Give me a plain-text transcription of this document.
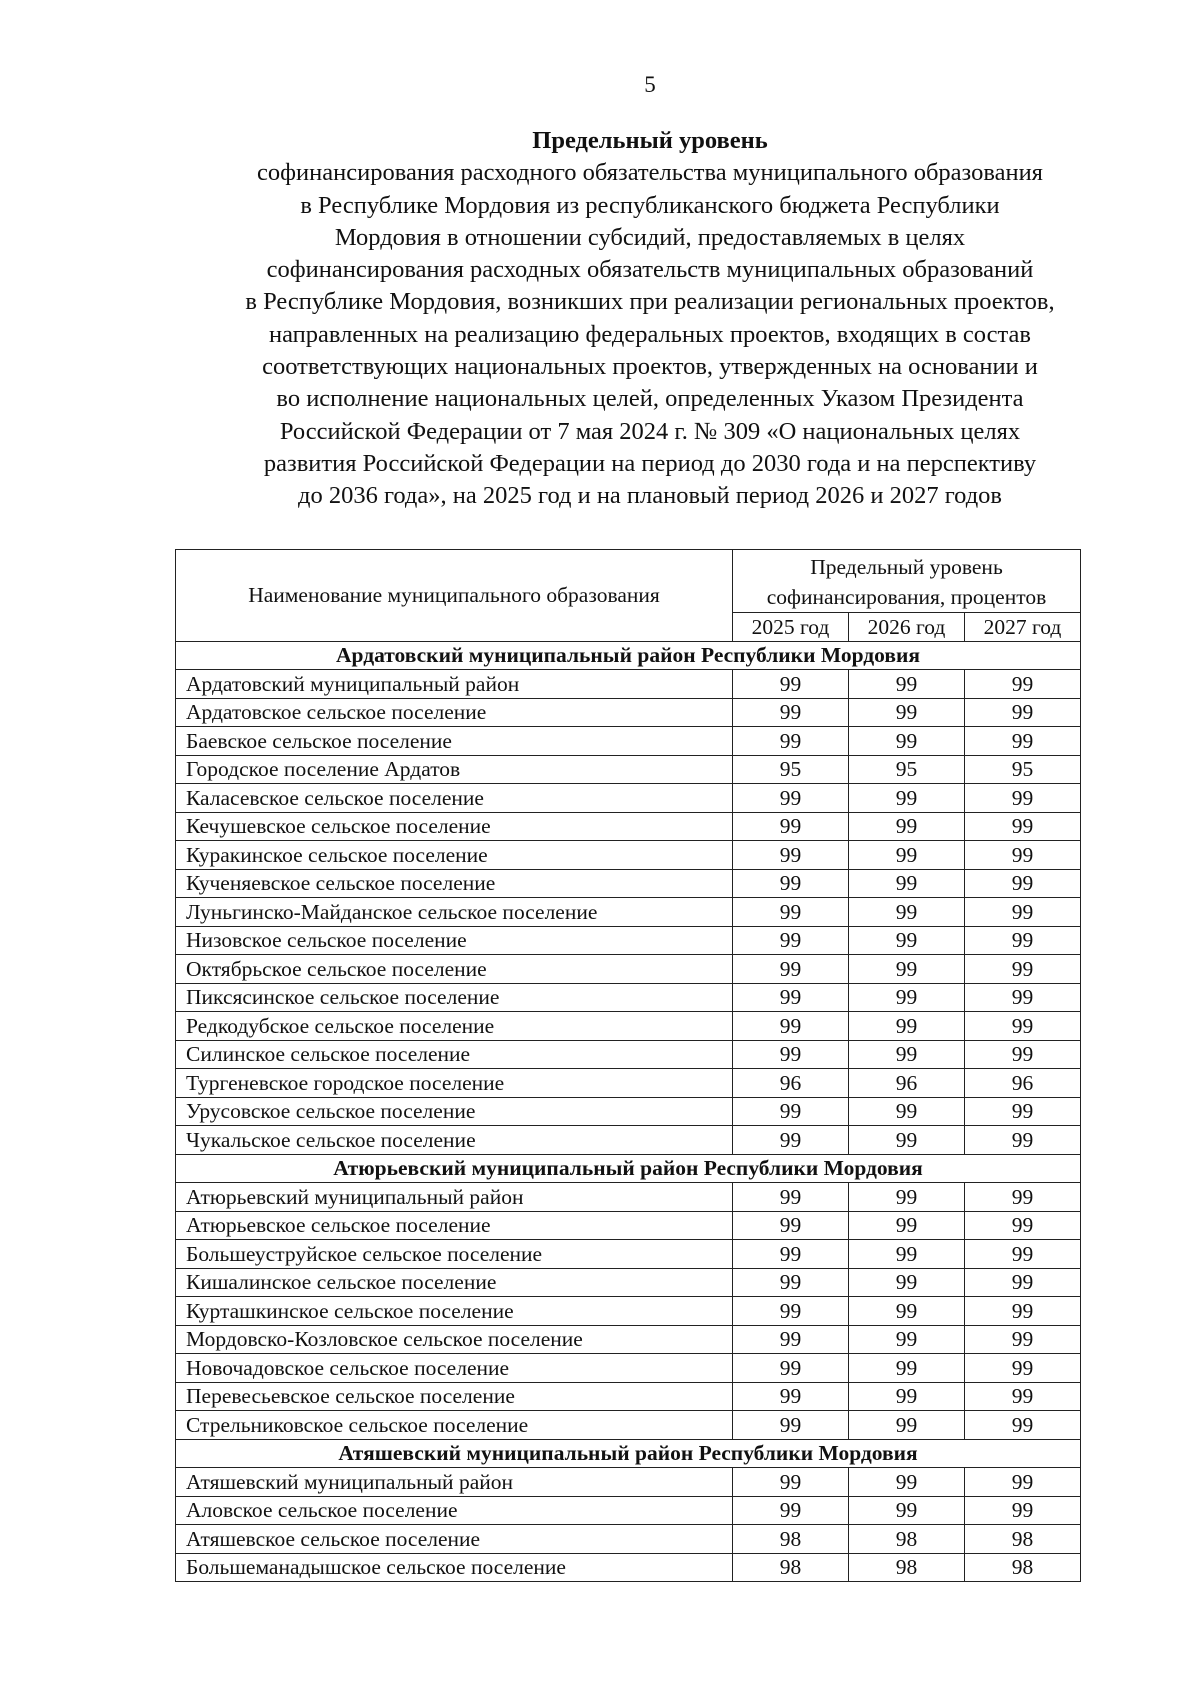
5
Предельный уровень
софинансирования расходного обязательства муниципального образования
в Республике Мордовия из республиканского бюджета Республики
Мордовия в отношении субсидий, предоставляемых в целях
софинансирования расходных обязательств муниципальных образований
в Республике Мордовия, возникших при реализации региональных проектов,
направленных на реализацию федеральных проектов, входящих в состав
соответствующих национальных проектов, утвержденных на основании и
во исполнение национальных целей, определенных Указом Президента
Российской Федерации от 7 мая 2024 г. № 309 «О национальных целях
развития Российской Федерации на период до 2030 года и на перспективу
до 2036 года», на 2025 год и на плановый период 2026 и 2027 годов
Наименование муниципального образования	Предельный уровень софинансирования, процентов		
	2025 год	2026 год	2027 год
Ардатовский муниципальный район Республики Мордовия			
Ардатовский муниципальный район	99	99	99
Ардатовское сельское поселение	99	99	99
Баевское сельское поселение	99	99	99
Городское поселение Ардатов	95	95	95
Каласевское сельское поселение	99	99	99
Кечушевское сельское поселение	99	99	99
Куракинское сельское поселение	99	99	99
Кученяевское сельское поселение	99	99	99
Луньгинско-Майданское сельское поселение	99	99	99
Низовское сельское поселение	99	99	99
Октябрьское сельское поселение	99	99	99
Пиксясинское сельское поселение	99	99	99
Редкодубское сельское поселение	99	99	99
Силинское сельское поселение	99	99	99
Тургеневское городское поселение	96	96	96
Урусовское сельское поселение	99	99	99
Чукальское сельское поселение	99	99	99
Атюрьевский муниципальный район Республики Мордовия			
Атюрьевский муниципальный район	99	99	99
Атюрьевское сельское поселение	99	99	99
Большеуструйское сельское поселение	99	99	99
Кишалинское сельское поселение	99	99	99
Курташкинское сельское поселение	99	99	99
Мордовско-Козловское сельское поселение	99	99	99
Новочадовское сельское поселение	99	99	99
Перевесьевское сельское поселение	99	99	99
Стрельниковское сельское поселение	99	99	99
Атяшевский муниципальный район Республики Мордовия			
Атяшевский муниципальный район	99	99	99
Аловское сельское поселение	99	99	99
Атяшевское сельское поселение	98	98	98
Большеманадышское сельское поселение	98	98	98
